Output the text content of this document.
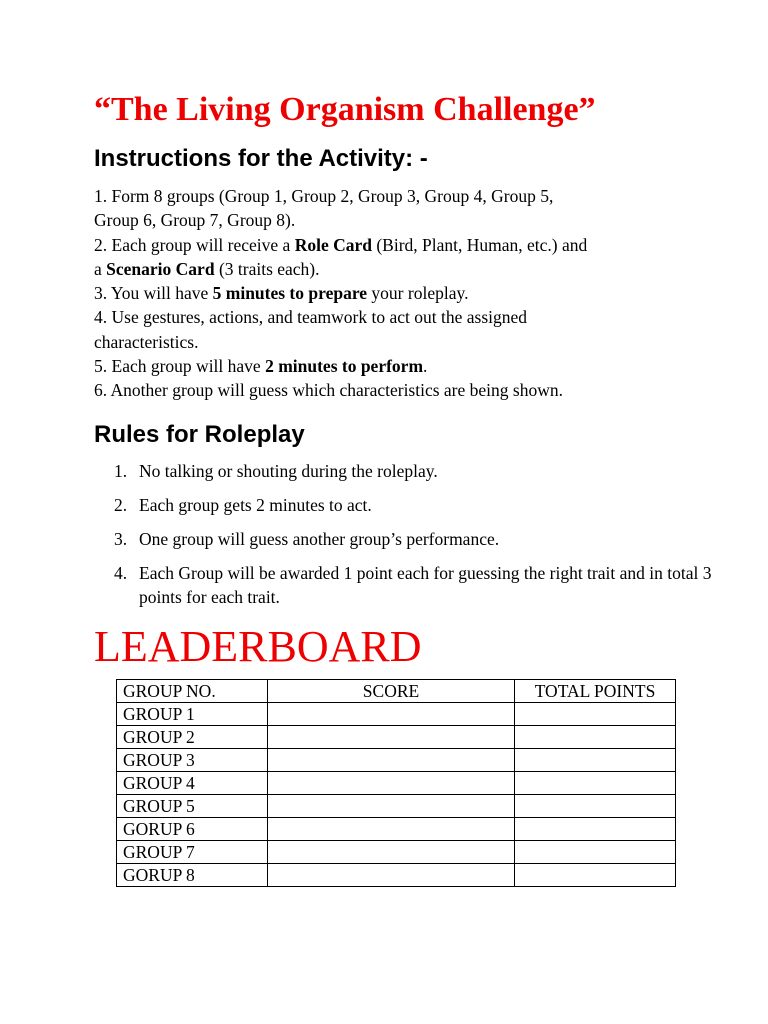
“The Living Organism Challenge”
Instructions for the Activity: -
1. Form 8 groups (Group 1, Group 2, Group 3, Group 4, Group 5,
Group 6, Group 7, Group 8).
2. Each group will receive a Role Card (Bird, Plant, Human, etc.) and
a Scenario Card (3 traits each).
3. You will have 5 minutes to prepare your roleplay.
4. Use gestures, actions, and teamwork to act out the assigned
characteristics.
5. Each group will have 2 minutes to perform.
6. Another group will guess which characteristics are being shown.
Rules for Roleplay
1. No talking or shouting during the roleplay.
2. Each group gets 2 minutes to act.
3. One group will guess another group’s performance.
4. Each Group will be awarded 1 point each for guessing the right trait and in total 3 points for each trait.
LEADERBOARD
GROUP NO.	SCORE	TOTAL POINTS
GROUP 1		
GROUP 2		
GROUP 3		
GROUP 4		
GROUP 5		
GORUP 6		
GROUP 7		
GORUP 8		
